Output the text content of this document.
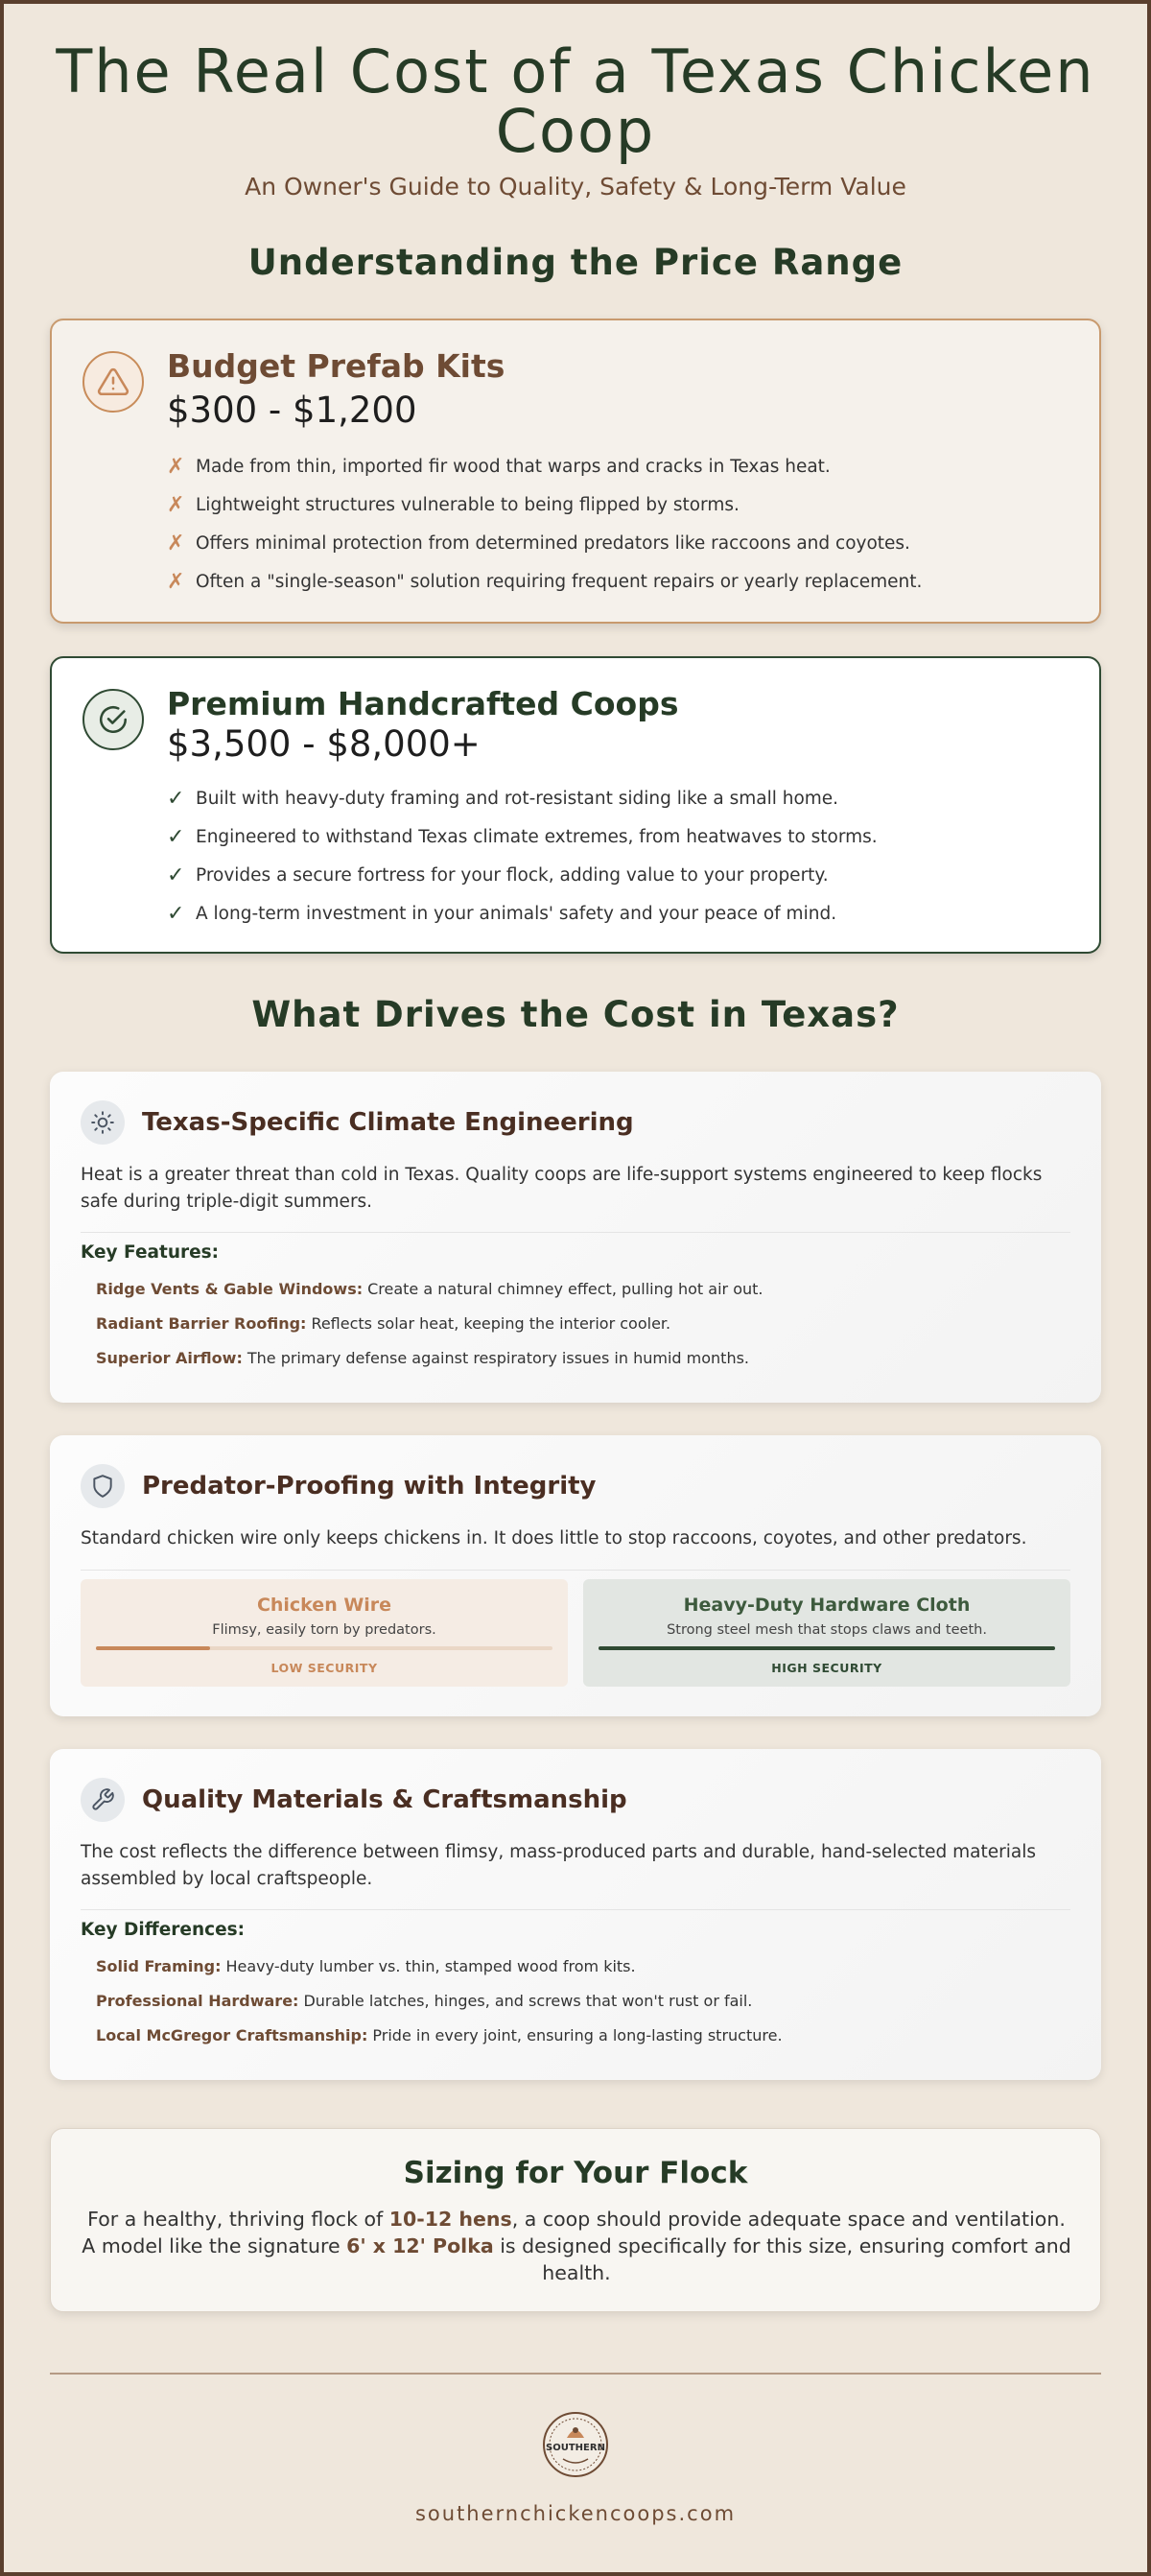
The Real Cost of a Texas Chicken Coop
An Owner's Guide to Quality, Safety & Long-Term Value
Understanding the Price Range
Budget Prefab Kits
$300 - $1,200
✗ Made from thin, imported fir wood that warps and cracks in Texas heat.
✗ Lightweight structures vulnerable to being flipped by storms.
✗ Offers minimal protection from determined predators like raccoons and coyotes.
✗ Often a "single-season" solution requiring frequent repairs or yearly replacement.
Premium Handcrafted Coops
$3,500 - $8,000+
✓ Built with heavy-duty framing and rot-resistant siding like a small home.
✓ Engineered to withstand Texas climate extremes, from heatwaves to storms.
✓ Provides a secure fortress for your flock, adding value to your property.
✓ A long-term investment in your animals' safety and your peace of mind.
What Drives the Cost in Texas?
Texas-Specific Climate Engineering
Heat is a greater threat than cold in Texas. Quality coops are life-support systems engineered to keep flocks safe during triple-digit summers.
Key Features:
Ridge Vents & Gable Windows: Create a natural chimney effect, pulling hot air out.
Radiant Barrier Roofing: Reflects solar heat, keeping the interior cooler.
Superior Airflow: The primary defense against respiratory issues in humid months.
Predator-Proofing with Integrity
Standard chicken wire only keeps chickens in. It does little to stop raccoons, coyotes, and other predators.
Chicken Wire
Flimsy, easily torn by predators.
LOW SECURITY
Heavy-Duty Hardware Cloth
Strong steel mesh that stops claws and teeth.
HIGH SECURITY
Quality Materials & Craftsmanship
The cost reflects the difference between flimsy, mass-produced parts and durable, hand-selected materials assembled by local craftspeople.
Key Differences:
Solid Framing: Heavy-duty lumber vs. thin, stamped wood from kits.
Professional Hardware: Durable latches, hinges, and screws that won't rust or fail.
Local McGregor Craftsmanship: Pride in every joint, ensuring a long-lasting structure.
Sizing for Your Flock

For a healthy, thriving flock of 10-12 hens, a coop should provide adequate space and ventilation. A model like the signature 6' x 12' Polka is designed specifically for this size, ensuring comfort and health.

SOUTHERN
southernchickencoops.com
